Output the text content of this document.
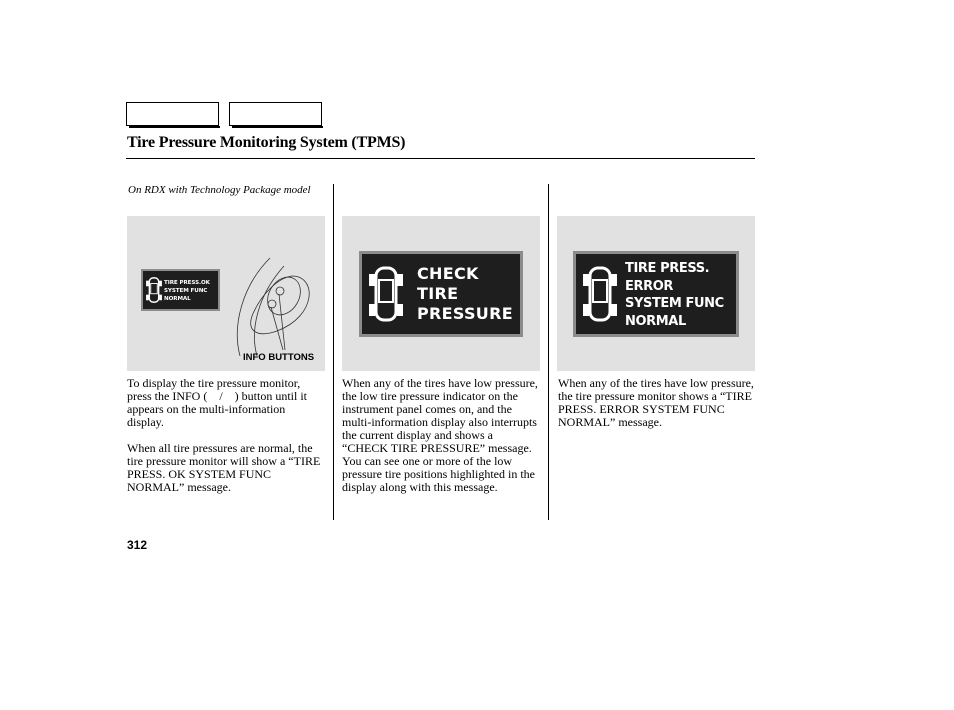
Tire Pressure Monitoring System (TPMS)
On RDX with Technology Package model
TIRE PRESS.OK
SYSTEM FUNC
NORMAL
INFO BUTTONS
CHECK
TIRE
PRESSURE
TIRE PRESS.
ERROR
SYSTEM FUNC
NORMAL

To display the tire pressure monitor, press the INFO ( / ) button until it appears on the multi-information display.

When all tire pressures are normal, the tire pressure monitor will show a “TIRE PRESS. OK SYSTEM FUNC NORMAL” message.

When any of the tires have low pressure, the low tire pressure indicator on the instrument panel comes on, and the multi-information display also interrupts the current display and shows a “CHECK TIRE PRESSURE” message. You can see one or more of the low pressure tire positions highlighted in the display along with this message.

When any of the tires have low pressure, the tire pressure monitor shows a “TIRE PRESS. ERROR SYSTEM FUNC NORMAL” message.

312
